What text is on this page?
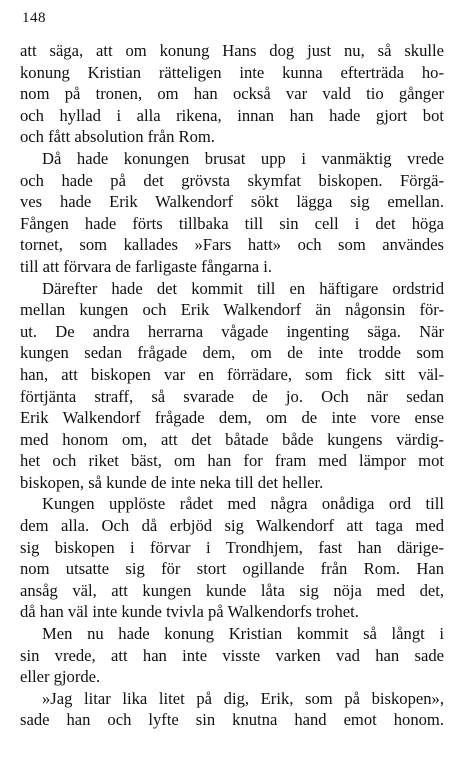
148
att säga, att om konung Hans dog just nu, så skulle
konung Kristian rätteligen inte kunna efterträda ho-
nom på tronen, om han också var vald tio gånger
och hyllad i alla rikena, innan han hade gjort bot
och fått absolution från Rom.
Då hade konungen brusat upp i vanmäktig vrede
och hade på det grövsta skymfat biskopen. Förgä-
ves hade Erik Walkendorf sökt lägga sig emellan.
Fången hade förts tillbaka till sin cell i det höga
tornet, som kallades »Fars hatt» och som användes
till att förvara de farligaste fångarna i.
Därefter hade det kommit till en häftigare ordstrid
mellan kungen och Erik Walkendorf än någonsin för-
ut. De andra herrarna vågade ingenting säga. När
kungen sedan frågade dem, om de inte trodde som
han, att biskopen var en förrädare, som fick sitt väl-
förtjänta straff, så svarade de jo. Och när sedan
Erik Walkendorf frågade dem, om de inte vore ense
med honom om, att det båtade både kungens värdig-
het och riket bäst, om han for fram med lämpor mot
biskopen, så kunde de inte neka till det heller.
Kungen upplöste rådet med några onådiga ord till
dem alla. Och då erbjöd sig Walkendorf att taga med
sig biskopen i förvar i Trondhjem, fast han därige-
nom utsatte sig för stort ogillande från Rom. Han
ansåg väl, att kungen kunde låta sig nöja med det,
då han väl inte kunde tvivla på Walkendorfs trohet.
Men nu hade konung Kristian kommit så långt i
sin vrede, att han inte visste varken vad han sade
eller gjorde.
»Jag litar lika litet på dig, Erik, som på biskopen»,
sade han och lyfte sin knutna hand emot honom.
